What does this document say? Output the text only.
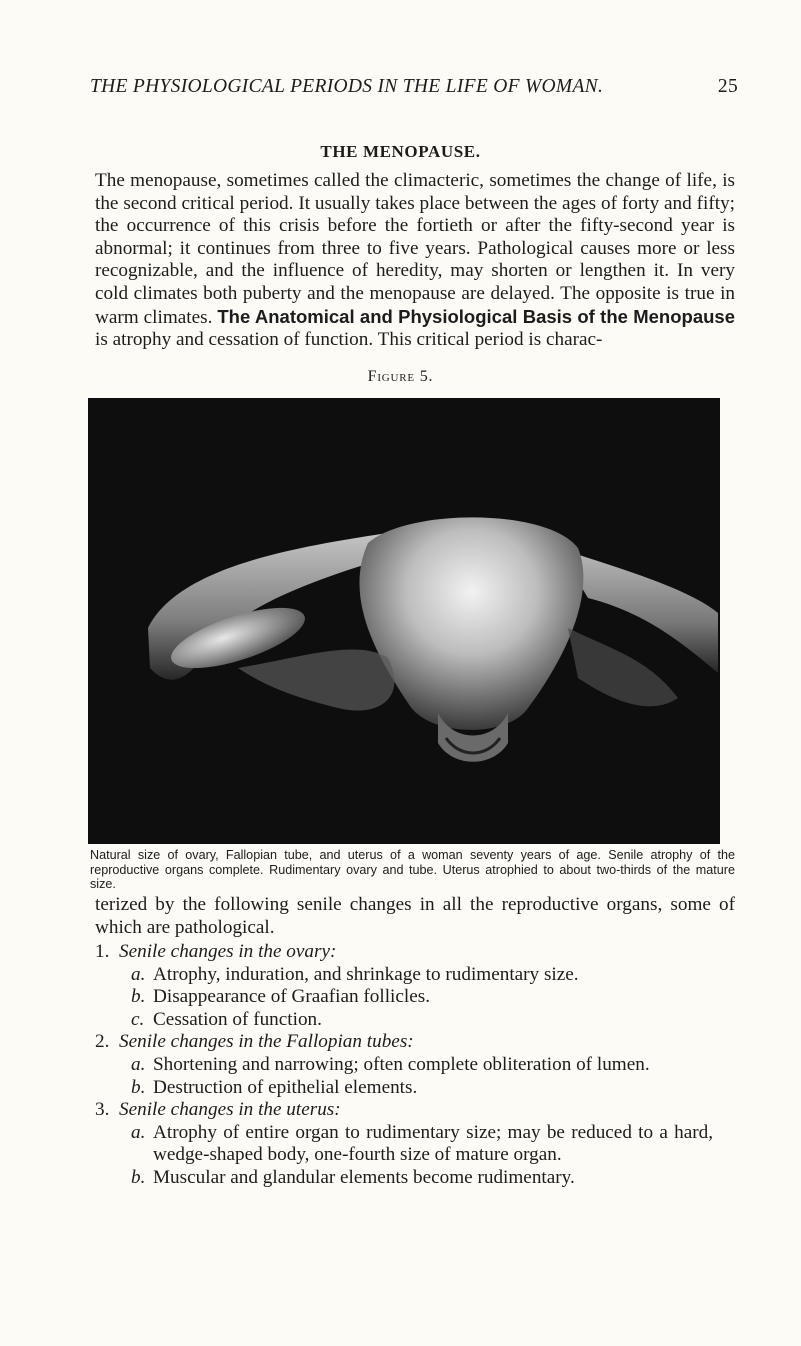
THE PHYSIOLOGICAL PERIODS IN THE LIFE OF WOMAN.	25
THE MENOPAUSE.
The menopause, sometimes called the climacteric, sometimes the change of life, is the second critical period. It usually takes place between the ages of forty and fifty; the occurrence of this crisis before the fortieth or after the fifty-second year is abnormal; it continues from three to five years. Pathological causes more or less recognizable, and the influence of heredity, may shorten or lengthen it. In very cold climates both puberty and the menopause are delayed. The opposite is true in warm climates. The Anatomical and Physiological Basis of the Menopause is atrophy and cessation of function. This critical period is charac-
Figure 5.
Natural size of ovary, Fallopian tube, and uterus of a woman seventy years of age. Senile atrophy of the reproductive organs complete. Rudimentary ovary and tube. Uterus atrophied to about two-thirds of the mature size.
terized by the following senile changes in all the reproductive organs, some of which are pathological.
1. Senile changes in the ovary:
a. Atrophy, induration, and shrinkage to rudimentary size.
b. Disappearance of Graafian follicles.
c. Cessation of function.
2. Senile changes in the Fallopian tubes:
a. Shortening and narrowing; often complete obliteration of lumen.
b. Destruction of epithelial elements.
3. Senile changes in the uterus:
a. Atrophy of entire organ to rudimentary size; may be reduced to a hard, wedge-shaped body, one-fourth size of mature organ.
b. Muscular and glandular elements become rudimentary.
